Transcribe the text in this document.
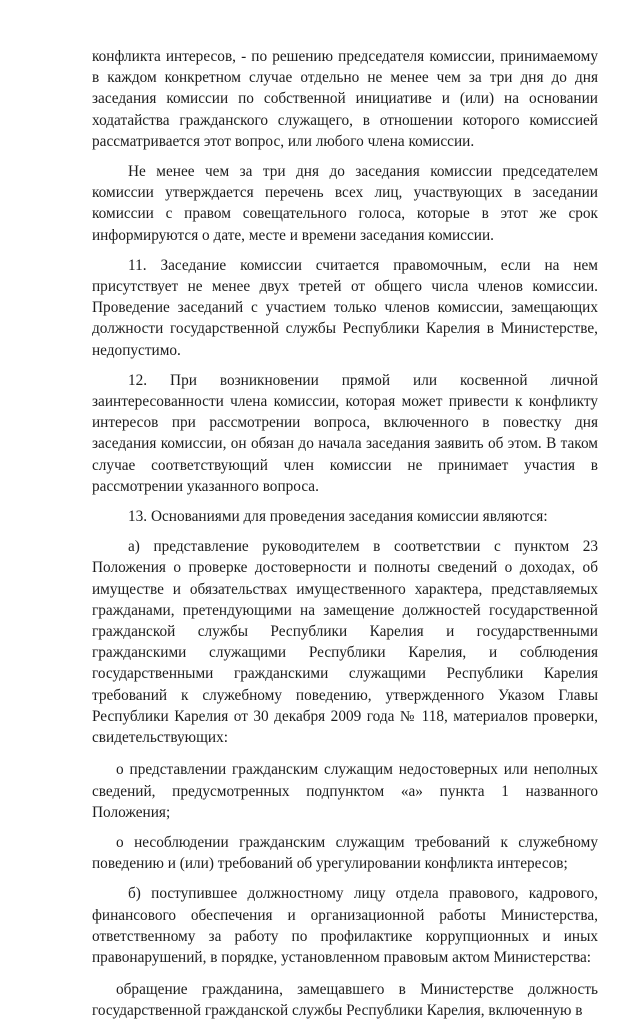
конфликта интересов, - по решению председателя комиссии, принимаемому в каждом конкретном случае отдельно не менее чем за три дня до дня заседания комиссии по собственной инициативе и (или) на основании ходатайства гражданского служащего, в отношении которого комиссией рассматривается этот вопрос, или любого члена комиссии.

Не менее чем за три дня до заседания комиссии председателем комиссии утверждается перечень всех лиц, участвующих в заседании комиссии с правом совещательного голоса, которые в этот же срок информируются о дате, месте и времени заседания комиссии.

11. Заседание комиссии считается правомочным, если на нем присутствует не менее двух третей от общего числа членов комиссии. Проведение заседаний с участием только членов комиссии, замещающих должности государственной службы Республики Карелия в Министерстве, недопустимо.

12. При возникновении прямой или косвенной личной заинтересованности члена комиссии, которая может привести к конфликту интересов при рассмотрении вопроса, включенного в повестку дня заседания комиссии, он обязан до начала заседания заявить об этом. В таком случае соответствующий член комиссии не принимает участия в рассмотрении указанного вопроса.

13. Основаниями для проведения заседания комиссии являются:

а) представление руководителем в соответствии с пунктом 23 Положения о проверке достоверности и полноты сведений о доходах, об имуществе и обязательствах имущественного характера, представляемых гражданами, претендующими на замещение должностей государственной гражданской службы Республики Карелия и государственными гражданскими служащими Республики Карелия, и соблюдения государственными гражданскими служащими Республики Карелия требований к служебному поведению, утвержденного Указом Главы Республики Карелия от 30 декабря 2009 года № 118, материалов проверки, свидетельствующих:

о представлении гражданским служащим недостоверных или неполных сведений, предусмотренных подпунктом «а» пункта 1 названного Положения;

о несоблюдении гражданским служащим требований к служебному поведению и (или) требований об урегулировании конфликта интересов;

б) поступившее должностному лицу отдела правового, кадрового, финансового обеспечения и организационной работы Министерства, ответственному за работу по профилактике коррупционных и иных правонарушений, в порядке, установленном правовым актом Министерства:

обращение гражданина, замещавшего в Министерстве должность государственной гражданской службы Республики Карелия, включенную в
